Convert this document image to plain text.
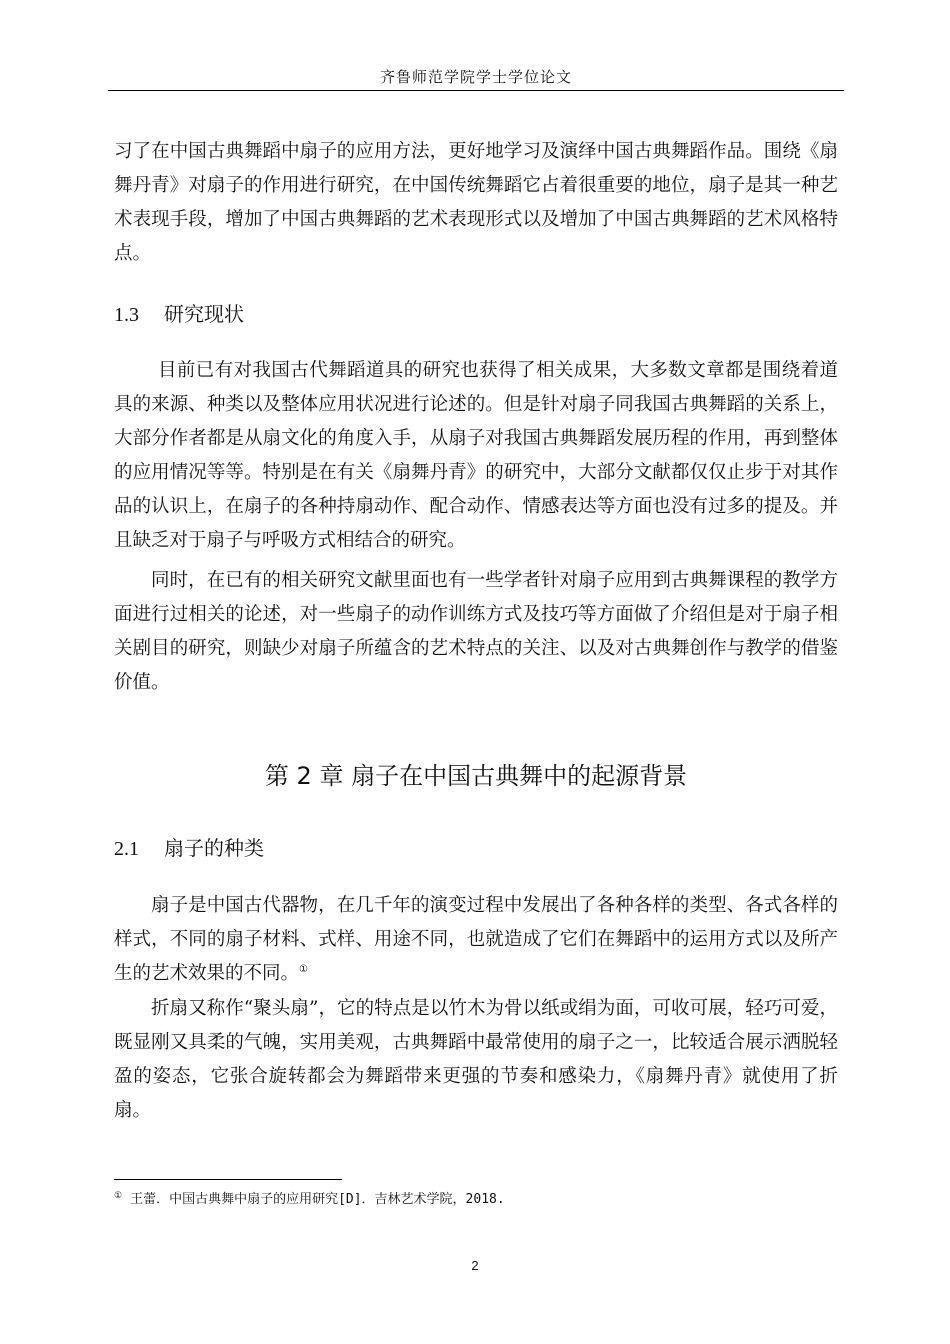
齐鲁师范学院学士学位论文

习了在中国古典舞蹈中扇子的应用方法，更好地学习及演绎中国古典舞蹈作品。围绕《扇舞丹青》对扇子的作用进行研究，在中国传统舞蹈它占着很重要的地位，扇子是其一种艺术表现手段，增加了中国古典舞蹈的艺术表现形式以及增加了中国古典舞蹈的艺术风格特点。

1.3 研究现状

目前已有对我国古代舞蹈道具的研究也获得了相关成果，大多数文章都是围绕着道具的来源、种类以及整体应用状况进行论述的。但是针对扇子同我国古典舞蹈的关系上，大部分作者都是从扇文化的角度入手，从扇子对我国古典舞蹈发展历程的作用，再到整体的应用情况等等。特别是在有关《扇舞丹青》的研究中，大部分文献都仅仅止步于对其作品的认识上，在扇子的各种持扇动作、配合动作、情感表达等方面也没有过多的提及。并且缺乏对于扇子与呼吸方式相结合的研究。

同时，在已有的相关研究文献里面也有一些学者针对扇子应用到古典舞课程的教学方面进行过相关的论述，对一些扇子的动作训练方式及技巧等方面做了介绍但是对于扇子相关剧目的研究，则缺少对扇子所蕴含的艺术特点的关注、以及对古典舞创作与教学的借鉴价值。

第 2 章 扇子在中国古典舞中的起源背景
2.1 扇子的种类

扇子是中国古代器物，在几千年的演变过程中发展出了各种各样的类型、各式各样的样式，不同的扇子材料、式样、用途不同，也就造成了它们在舞蹈中的运用方式以及所产生的艺术效果的不同。①

折扇又称作“聚头扇”，它的特点是以竹木为骨以纸或绢为面，可收可展，轻巧可爱，既显刚又具柔的气魄，实用美观，古典舞蹈中最常使用的扇子之一，比较适合展示洒脱轻盈的姿态，它张合旋转都会为舞蹈带来更强的节奏和感染力，《扇舞丹青》就使用了折扇。

① 王蕾．中国古典舞中扇子的应用研究[D]．吉林艺术学院，2018.
2
